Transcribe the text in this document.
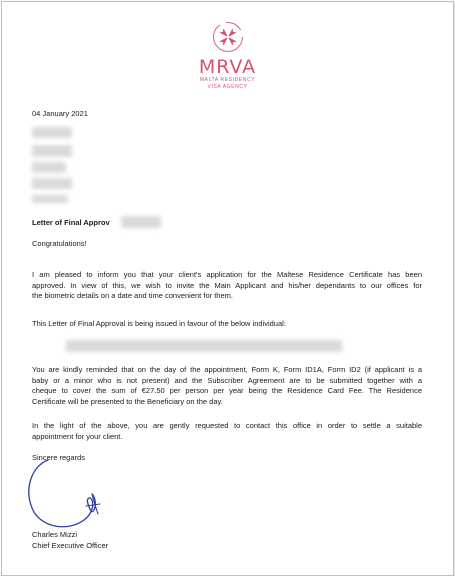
MRVA
MALTA RESIDENCY
VISA AGENCY
04 January 2021
Letter of Final Approv
Congratulations!
I am pleased to inform you that your client's application for the Maltese Residence Certificate has been
approved. In view of this, we wish to invite the Main Applicant and his/her dependants to our offices for
the biometric details on a date and time convenient for them.
This Letter of Final Approval is being issued in favour of the below individual:
You are kindly reminded that on the day of the appointment, Form K, Form ID1A, Form ID2 (if applicant is a
baby or a minor who is not present) and the Subscriber Agreement are to be submitted together with a
cheque to cover the sum of €27.50 per person per year being the Residence Card Fee. The Residence
Certificate will be presented to the Beneficiary on the day.
In the light of the above, you are gently requested to contact this office in order to settle a suitable
appointment for your client.
Sincere regards
Charles Mizzi
Chief Executive Officer
